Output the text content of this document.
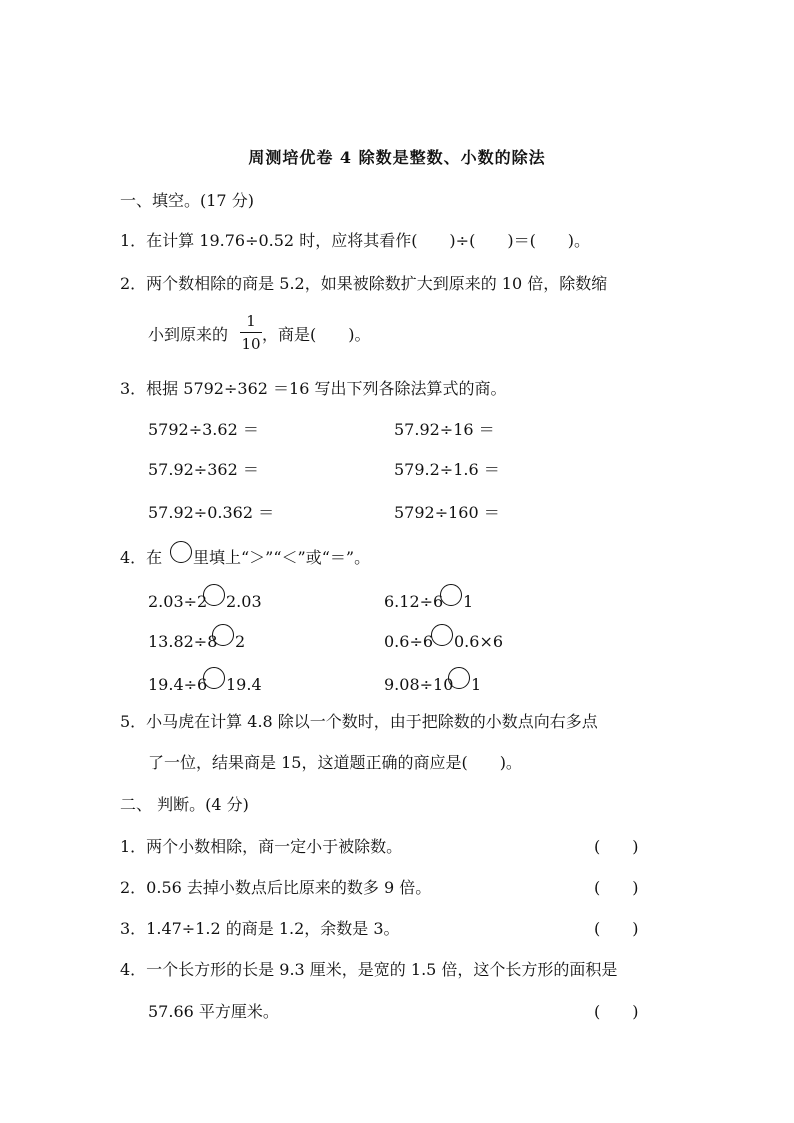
周测培优卷 4 除数是整数、小数的除法
一、填空。(17 分)
1．在计算 19.76÷0.52 时，应将其看作(　　)÷(　　)＝(　　)。
2．两个数相除的商是 5.2，如果被除数扩大到原来的 10 倍，除数缩
小到原来的
1
10 ，商是(　　)。
3．根据 5792÷362 ＝16 写出下列各除法算式的商。
5792÷3.62 ＝	57.92÷16 ＝
57.92÷362 ＝	579.2÷1.6 ＝
57.92÷0.362 ＝	5792÷160 ＝
4．在 里填上“＞”“＜”或“＝”。
2.03÷2 2.03	6.12÷6 1
13.82÷8 2	0.6÷6 0.6×6
19.4÷6 19.4	9.08÷10 1
5．小马虎在计算 4.8 除以一个数时，由于把除数的小数点向右多点
了一位，结果商是 15，这道题正确的商应是(　　)。
二、 判断。(4 分)
1．两个小数相除，商一定小于被除数。	(　　)
2．0.56 去掉小数点后比原来的数多 9 倍。	(　　)
3．1.47÷1.2 的商是 1.2，余数是 3。	(　　)
4．一个长方形的长是 9.3 厘米，是宽的 1.5 倍，这个长方形的面积是
57.66 平方厘米。	(　　)
